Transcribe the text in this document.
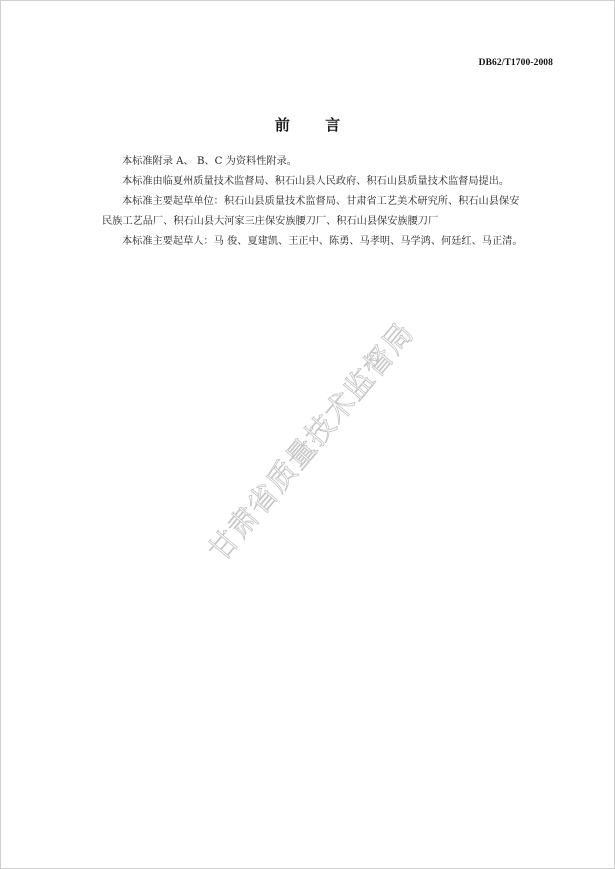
DB62/T1700-2008
前 言

本标准附录 A、 B、C 为资料性附录。

本标准由临夏州质量技术监督局、积石山县人民政府、积石山县质量技术监督局提出。

本标准主要起草单位：积石山县质量技术监督局、甘肃省工艺美术研究所、积石山县保安

民族工艺品厂、积石山县大河家三庄保安族腰刀厂、积石山县保安族腰刀厂

本标准主要起草人：马 俊、夏建凯、王正中、陈勇、马孝明、马学鸿、何廷红、马正清。

甘肃省质量技术监督局
